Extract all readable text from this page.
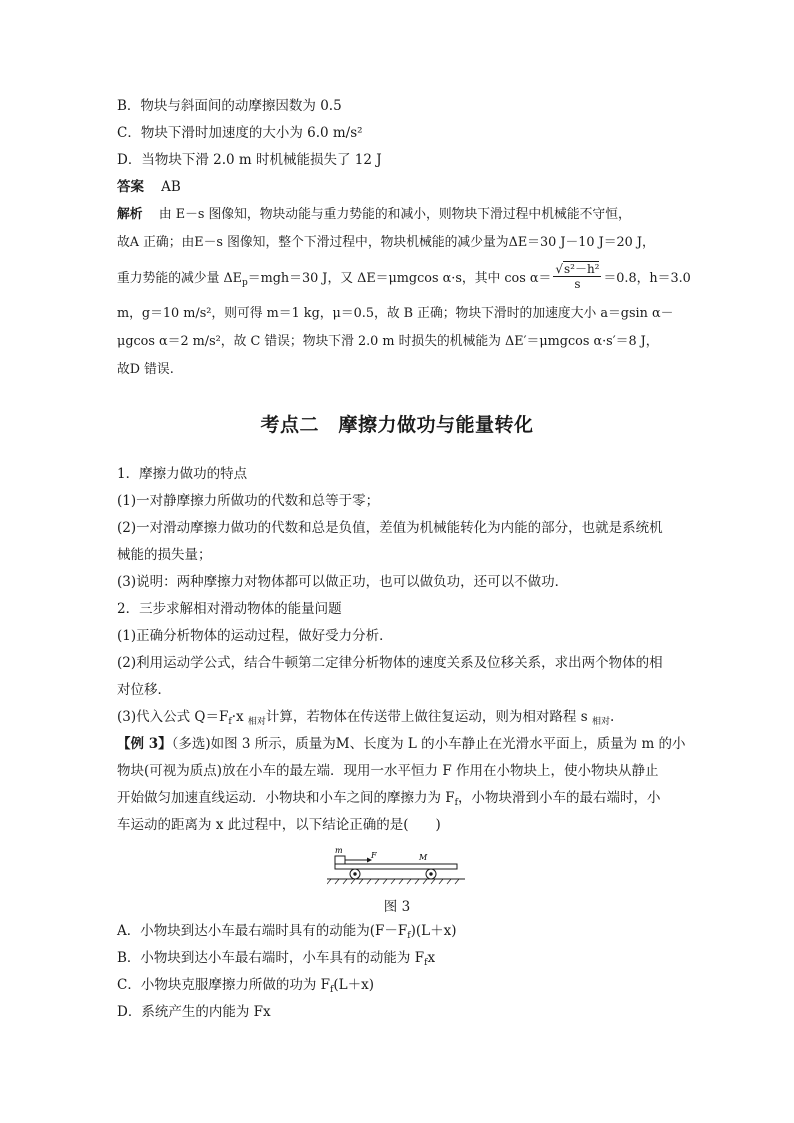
B．物块与斜面间的动摩擦因数为 0.5
C．物块下滑时加速度的大小为 6.0 m/s²
D．当物块下滑 2.0 m 时机械能损失了 12 J
答案 AB
解析 由 E－s 图像知，物块动能与重力势能的和减小，则物块下滑过程中机械能不守恒，
故A 正确；由E－s 图像知，整个下滑过程中，物块机械能的减少量为ΔE＝30 J－10 J＝20 J，
重力势能的减少量 $\Delta E_p=mgh=30$ J，又 ΔE＝μmgcos α·s，其中 $\cos \alpha= \frac{\text{√s²－h²}}{s} =0.8$，h＝3.0
m，g＝10 m/s²，则可得 m＝1 kg，μ＝0.5，故 B 正确；物块下滑时的加速度大小 a＝gsin α－
μgcos α＝2 m/s²，故 C 错误；物块下滑 2.0 m 时损失的机械能为 ΔE′＝μmgcos α·s′＝8 J，
故D 错误.
考点二　摩擦力做功与能量转化
1．摩擦力做功的特点
(1)一对静摩擦力所做功的代数和总等于零；
(2)一对滑动摩擦力做功的代数和总是负值，差值为机械能转化为内能的部分，也就是系统机
械能的损失量；
(3)说明：两种摩擦力对物体都可以做正功，也可以做负功，还可以不做功．
2．三步求解相对滑动物体的能量问题
(1)正确分析物体的运动过程，做好受力分析．
(2)利用运动学公式，结合牛顿第二定律分析物体的速度关系及位移关系，求出两个物体的相
对位移．
(3)代入公式 $Q=F_f\cdot x$ $_{相对}$计算，若物体在传送带上做往复运动，则为相对路程 s $_{相对}$.
【例 3】（多选)如图 3 所示，质量为M、长度为 L 的小车静止在光滑水平面上，质量为 m 的小
物块(可视为质点)放在小车的最左端．现用一水平恒力 F 作用在小物块上，使小物块从静止
开始做匀加速直线运动．小物块和小车之间的摩擦力为 $F_f$，小物块滑到小车的最右端时，小
车运动的距离为 x 此过程中，以下结论正确的是(　　)
m
F	M
图 3
A．小物块到达小车最右端时具有的动能为$(F-F_f)(L+x)$
B．小物块到达小车最右端时，小车具有的动能为 $F_fx$
C．小物块克服摩擦力所做的功为 $F_f(L+x)$
D．系统产生的内能为 Fx
